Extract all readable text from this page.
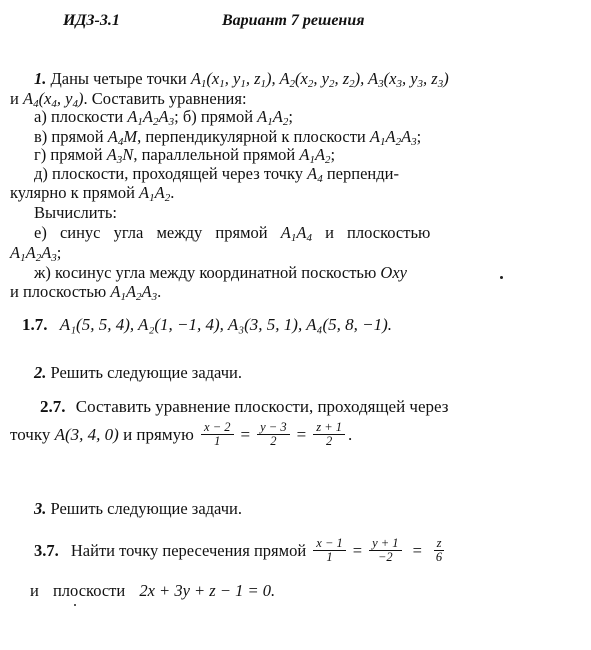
ИДЗ-3.1	Вариант 7 решения
1. Даны четыре точки $A_1(x_1$, $y_1$, $z_1$), $A_2(x_2$, $y_2$, $z_2$), $A_3(x_3$, $y_3$, $z_3$)
и $A_4(x_4$, $y_4$). Составить уравнения:
а) плоскости $A_1A_2A_3$; б) прямой $A_1A_2$;
в) прямой $A_4M$, перпендикулярной к плоскости $A_1A_2A_3$;
г) прямой $A_3N$, параллельной прямой $A_1A_2$;
д) плоскости, проходящей через точку $A_4$ перпенди-
кулярно к прямой $A_1A_2$.
Вычислить:
е) синус угла между прямой $A_1A_4$ и плоскостью
$A_1A_2A_3$;
ж) косинус угла между координатной поскостью Oxy
и плоскостью $A_1A_2A_3$.
1.7. A₁(5, 5, 4), A₂(1, −1, 4), A₃(3, 5, 1), A₄(5, 8, −1).
2. Решить следующие задачи.
2.7. Составить уравнение плоскости, проходящей через
точку A(3, 4, 0) и прямую $\frac{x - 2}{1} = \frac{y - 3}{2} = \frac{z + 1}{2}$ .
3. Решить следующие задачи.
3.7. Найти точку пересечения прямой $\frac{x - 1}{1} = \frac{y + 1}{-2} = \frac{z}{6}$
и плоскости 2x + 3y + z − 1 = 0.
